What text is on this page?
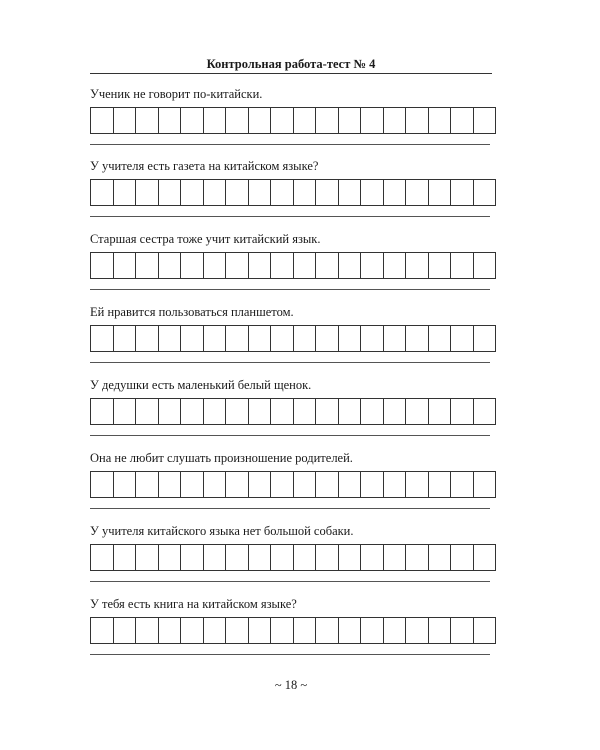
Контрольная работа-тест № 4
Ученик не говорит по-китайски.
У учителя есть газета на китайском языке?
Старшая сестра тоже учит китайский язык.
Ей нравится пользоваться планшетом.
У дедушки есть маленький белый щенок.
Она не любит слушать произношение родителей.
У учителя китайского языка нет большой собаки.
У тебя есть книга на китайском языке?
~ 18 ~
